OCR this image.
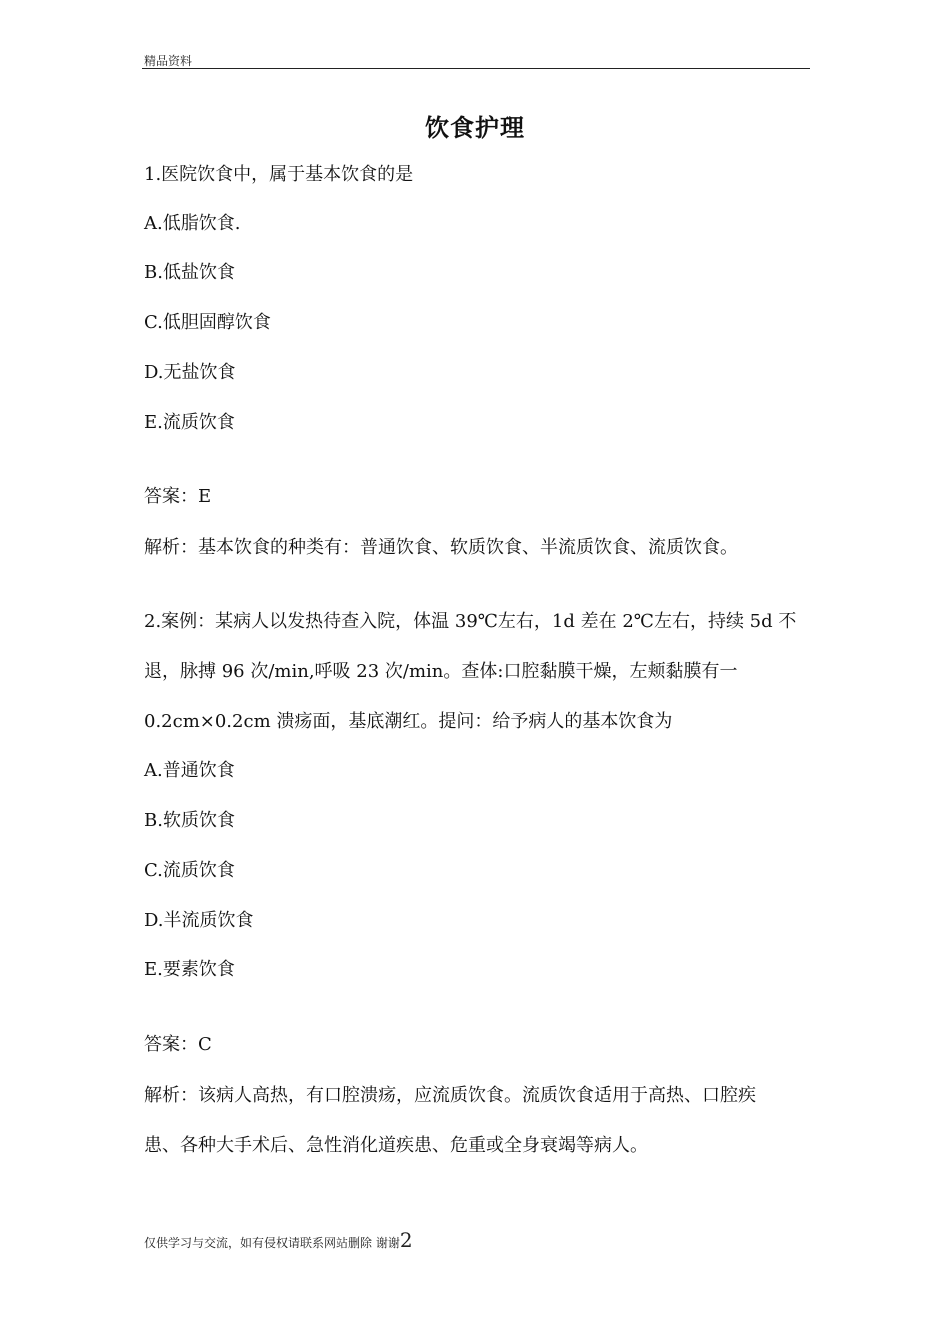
精品资料
饮食护理
1.医院饮食中，属于基本饮食的是
A.低脂饮食.
B.低盐饮食
C.低胆固醇饮食
D.无盐饮食
E.流质饮食
答案：E
解析：基本饮食的种类有：普通饮食、软质饮食、半流质饮食、流质饮食。
2.案例：某病人以发热待查入院，体温 39℃左右，1d 差在 2℃左右，持续 5d 不
退，脉搏 96 次/min,呼吸 23 次/min。查体:口腔黏膜干燥，左颊黏膜有一
0.2cm×0.2cm 溃疡面，基底潮红。提问：给予病人的基本饮食为
A.普通饮食
B.软质饮食
C.流质饮食
D.半流质饮食
E.要素饮食
答案：C
解析：该病人高热，有口腔溃疡，应流质饮食。流质饮食适用于高热、口腔疾
患、各种大手术后、急性消化道疾患、危重或全身衰竭等病人。
仅供学习与交流，如有侵权请联系网站删除 谢谢2
